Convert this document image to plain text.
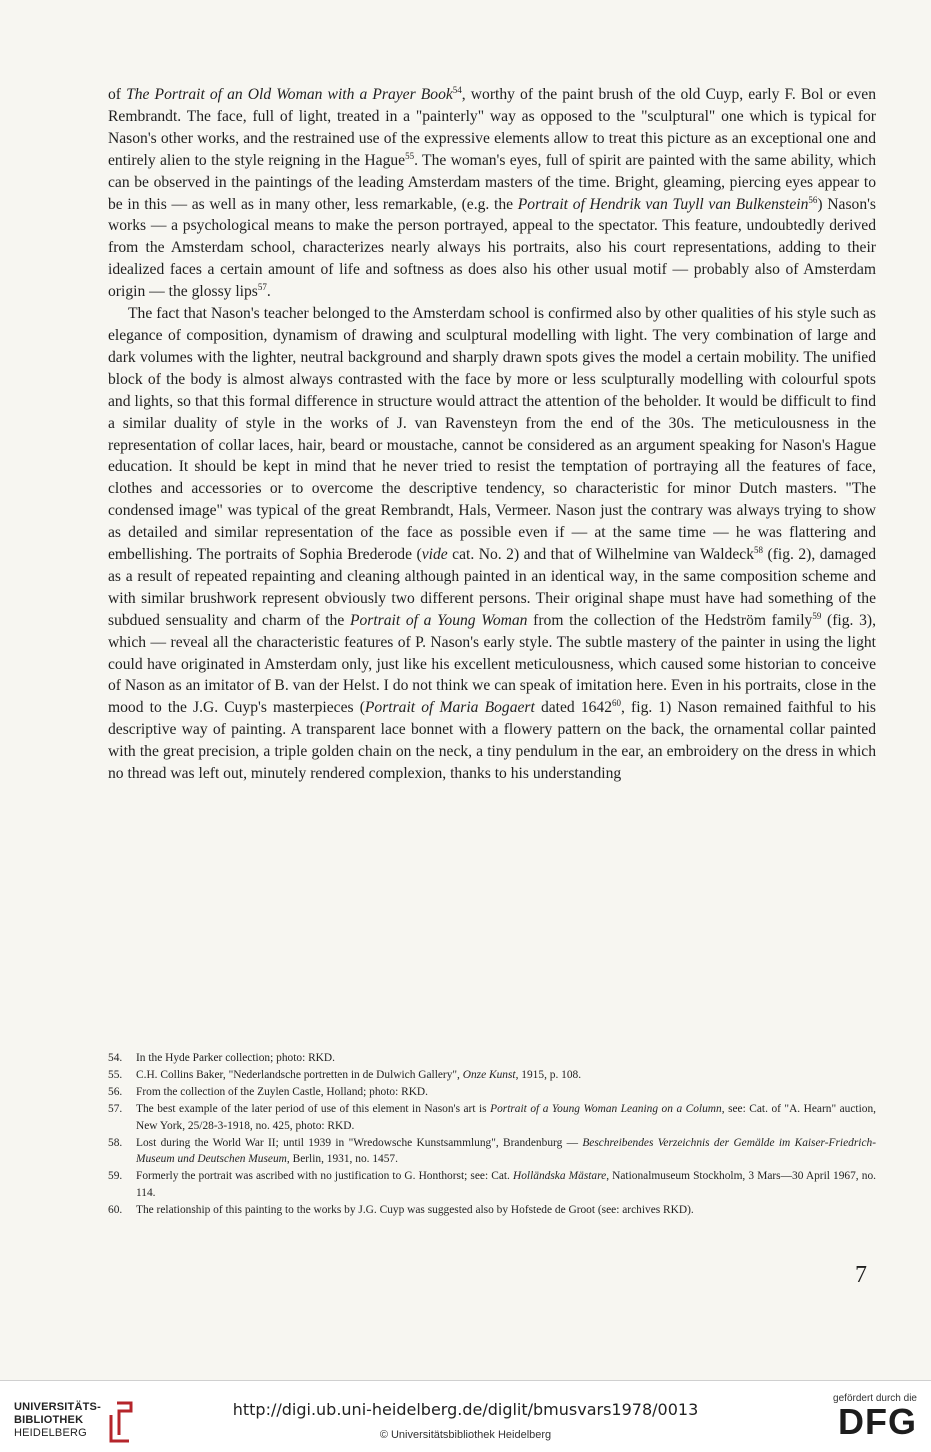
of The Portrait of an Old Woman with a Prayer Book$^{54}$, worthy of the paint brush of the old Cuyp, early F. Bol or even Rembrandt. The face, full of light, treated in a "painterly" way as opposed to the "sculptural" one which is typical for Nason's other works, and the restrained use of the expressive elements allow to treat this picture as an exceptional one and entirely alien to the style reigning in the Hague$^{55}$. The woman's eyes, full of spirit are painted with the same ability, which can be observed in the paintings of the leading Amsterdam masters of the time. Bright, gleaming, piercing eyes appear to be in this — as well as in many other, less remarkable, (e.g. the Portrait of Hendrik van Tuyll van Bulkenstein$^{56}$) Nason's works — a psychological means to make the person portrayed, appeal to the spectator. This feature, undoubtedly derived from the Amsterdam school, characterizes nearly always his portraits, also his court representations, adding to their idealized faces a certain amount of life and softness as does also his other usual motif — probably also of Amsterdam origin — the glossy lips$^{57}$.

The fact that Nason's teacher belonged to the Amsterdam school is confirmed also by other qualities of his style such as elegance of composition, dynamism of drawing and sculptural modelling with light. The very combination of large and dark volumes with the lighter, neutral background and sharply drawn spots gives the model a certain mobility. The unified block of the body is almost always contrasted with the face by more or less sculpturally modelling with colourful spots and lights, so that this formal difference in structure would attract the attention of the beholder. It would be difficult to find a similar duality of style in the works of J. van Ravensteyn from the end of the 30s. The meticulousness in the representation of collar laces, hair, beard or moustache, cannot be considered as an argument speaking for Nason's Hague education. It should be kept in mind that he never tried to resist the temptation of portraying all the features of face, clothes and accessories or to overcome the descriptive tendency, so characteristic for minor Dutch masters. "The condensed image" was typical of the great Rembrandt, Hals, Vermeer. Nason just the contrary was always trying to show as detailed and similar representation of the face as possible even if — at the same time — he was flattering and embellishing. The portraits of Sophia Brederode (vide cat. No. 2) and that of Wilhelmine van Waldeck$^{58}$ (fig. 2), damaged as a result of repeated repainting and cleaning although painted in an identical way, in the same composition scheme and with similar brushwork represent obviously two different persons. Their original shape must have had something of the subdued sensuality and charm of the Portrait of a Young Woman from the collection of the Hedström family$^{59}$ (fig. 3), which — reveal all the characteristic features of P. Nason's early style. The subtle mastery of the painter in using the light could have originated in Amsterdam only, just like his excellent meticulousness, which caused some historian to conceive of Nason as an imitator of B. van der Helst. I do not think we can speak of imitation here. Even in his portraits, close in the mood to the J.G. Cuyp's masterpieces (Portrait of Maria Bogaert dated 1642$^{60}$, fig. 1) Nason remained faithful to his descriptive way of painting. A transparent lace bonnet with a flowery pattern on the back, the ornamental collar painted with the great precision, a triple golden chain on the neck, a tiny pendulum in the ear, an embroidery on the dress in which no thread was left out, minutely rendered complexion, thanks to his understanding

54.	In the Hyde Parker collection; photo: RKD.
55.	C.H. Collins Baker, "Nederlandsche portretten in de Dulwich Gallery", Onze Kunst, 1915, p. 108.
56.	From the collection of the Zuylen Castle, Holland; photo: RKD.
57.	The best example of the later period of use of this element in Nason's art is Portrait of a Young Woman Leaning on a Column, see: Cat. of "A. Hearn" auction, New York, 25/28-3-1918, no. 425, photo: RKD.
58.	Lost during the World War II; until 1939 in "Wredowsche Kunstsammlung", Brandenburg — Beschreibendes Verzeichnis der Gemälde im Kaiser-Friedrich-Museum und Deutschen Museum, Berlin, 1931, no. 1457.
59.	Formerly the portrait was ascribed with no justification to G. Honthorst; see: Cat. Holländska Mästare, Nationalmuseum Stockholm, 3 Mars—30 April 1967, no. 114.
60.	The relationship of this painting to the works by J.G. Cuyp was suggested also by Hofstede de Groot (see: archives RKD).
7
UNIVERSITÄTS-
BIBLIOTHEK
HEIDELBERG
http://digi.ub.uni-heidelberg.de/diglit/bmusvars1978/0013
© Universitätsbibliothek Heidelberg
gefördert durch die
DFG
